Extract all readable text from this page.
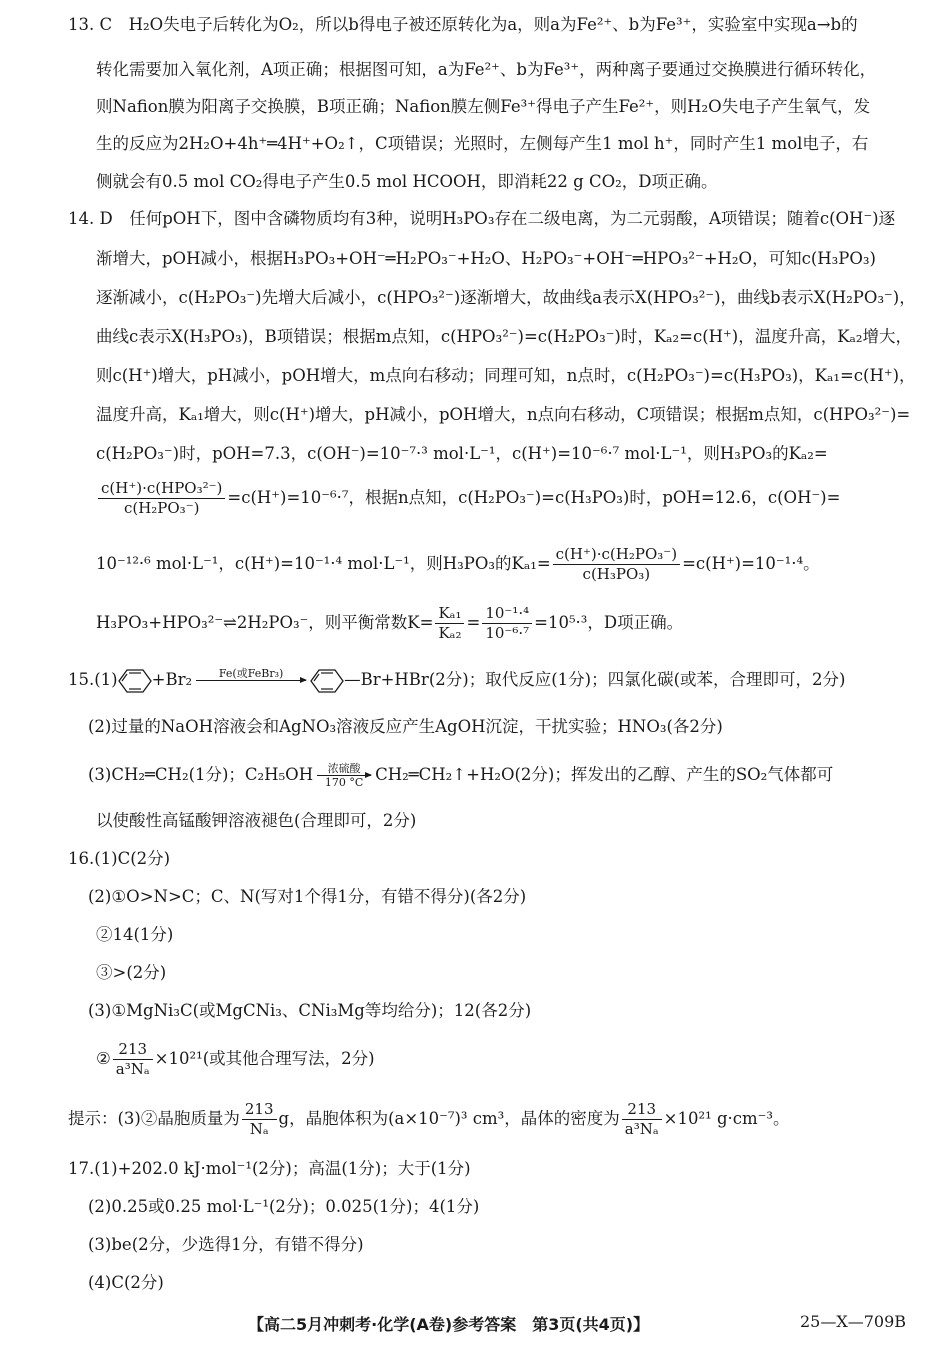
13. C　H₂O失电子后转化为O₂，所以b得电子被还原转化为a，则a为Fe²⁺、b为Fe³⁺，实验室中实现a→b的
转化需要加入氧化剂，A项正确；根据图可知，a为Fe²⁺、b为Fe³⁺，两种离子要通过交换膜进行循环转化，
则Nafion膜为阳离子交换膜，B项正确；Nafion膜左侧Fe³⁺得电子产生Fe²⁺，则H₂O失电子产生氧气，发
生的反应为2H₂O+4h⁺═4H⁺+O₂↑，C项错误；光照时，左侧每产生1 mol h⁺，同时产生1 mol电子，右
侧就会有0.5 mol CO₂得电子产生0.5 mol HCOOH，即消耗22 g CO₂，D项正确。
14. D　任何pOH下，图中含磷物质均有3种，说明H₃PO₃存在二级电离，为二元弱酸，A项错误；随着c(OH⁻)逐
渐增大，pOH减小，根据H₃PO₃+OH⁻═H₂PO₃⁻+H₂O、H₂PO₃⁻+OH⁻═HPO₃²⁻+H₂O，可知c(H₃PO₃)
逐渐减小，c(H₂PO₃⁻)先增大后减小，c(HPO₃²⁻)逐渐增大，故曲线a表示X(HPO₃²⁻)，曲线b表示X(H₂PO₃⁻)，
曲线c表示X(H₃PO₃)，B项错误；根据m点知，c(HPO₃²⁻)=c(H₂PO₃⁻)时，Kₐ₂=c(H⁺)，温度升高，Kₐ₂增大，
则c(H⁺)增大，pH减小，pOH增大，m点向右移动；同理可知，n点时，c(H₂PO₃⁻)=c(H₃PO₃)，Kₐ₁=c(H⁺)，
温度升高，Kₐ₁增大，则c(H⁺)增大，pH减小，pOH增大，n点向右移动，C项错误；根据m点知，c(HPO₃²⁻)=
c(H₂PO₃⁻)时，pOH=7.3，c(OH⁻)=10⁻⁷·³ mol·L⁻¹，c(H⁺)=10⁻⁶·⁷ mol·L⁻¹，则H₃PO₃的Kₐ₂=
$\frac{\text{c(H⁺)·c(HPO₃²⁻)}}{\text{c(H₂PO₃⁻)}} =c(H^+)=10^{-6}\cdot^7$，根据n点知，c(H₂PO₃⁻)=c(H₃PO₃)时，pOH=12.6，c(OH⁻)=
10⁻¹²·⁶ mol·L⁻¹，c(H⁺)=10⁻¹·⁴ mol·L⁻¹，则H₃PO₃的$K_{a1}= \frac{\text{c(H⁺)·c(H₂PO₃⁻)}}{\text{c(H₃PO₃)}} =c(H^+)=10^{-1}\cdot^4$。
H₃PO₃+HPO₃²⁻⇌2H₂PO₃⁻，则平衡常数$K= \frac{\text{Kₐ₁}}{\text{Kₐ₂}} = \frac{\text{10⁻¹·⁴}}{\text{10⁻⁶·⁷}} =10^5\cdot^3$，D项正确。
15.(1) +Br₂	Fe(或FeBr₃)
	—Br+HBr(2分)；取代反应(1分)；四氯化碳(或苯，合理即可，2分)
(2)过量的NaOH溶液会和AgNO₃溶液反应产生AgOH沉淀，干扰实验；HNO₃(各2分)
(3)CH₂═CH₂(1分)；C₂H₅OH	浓硫酸
170 °C CH₂═CH₂↑+H₂O(2分)；挥发出的乙醇、产生的SO₂气体都可
以使酸性高锰酸钾溶液褪色(合理即可，2分)
16.(1)C(2分)
(2)①O>N>C；C、N(写对1个得1分，有错不得分)(各2分)
②14(1分)
③>(2分)
(3)①MgNi₃C(或MgCNi₃、CNi₃Mg等均给分)；12(各2分)
② $\frac{213}{\text{a³Nₐ}} \times 10^{21}$(或其他合理写法，2分)
提示：(3)②晶胞质量为 $\frac{213}{\text{Nₐ}}$ g，晶胞体积为(a×10⁻⁷)³ cm³，晶体的密度为 $\frac{213}{\text{a³Nₐ}} \times 10^{21}$ g·cm⁻³。
17.(1)+202.0 kJ·mol⁻¹(2分)；高温(1分)；大于(1分)
(2)0.25或0.25 mol·L⁻¹(2分)；0.025(1分)；4(1分)
(3)be(2分，少选得1分，有错不得分)
(4)C(2分)
【高二5月冲刺考·化学(A卷)参考答案　第3页(共4页)】	25—X—709B
